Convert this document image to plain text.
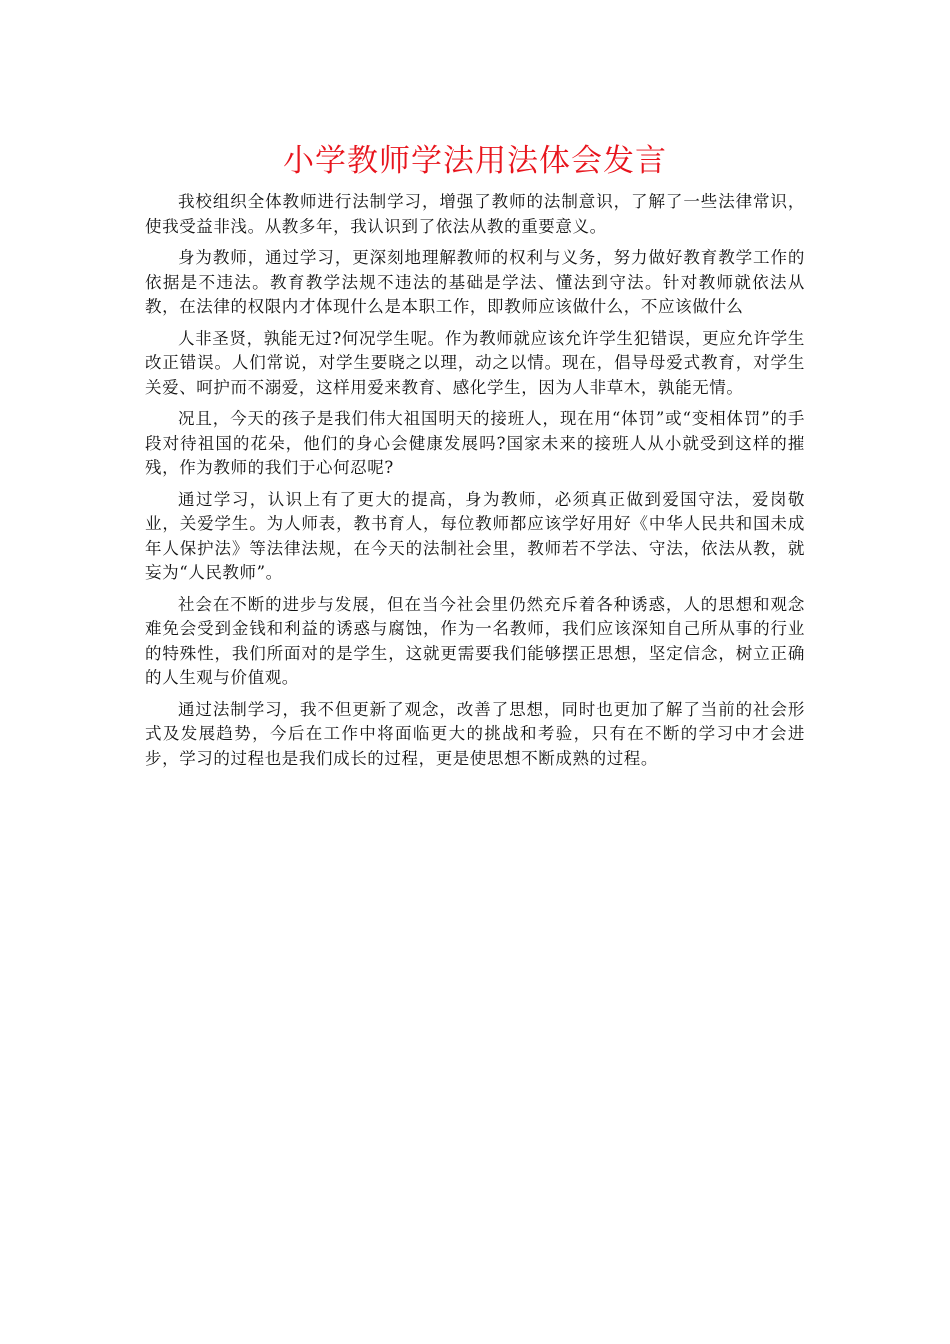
小学教师学法用法体会发言

我校组织全体教师进行法制学习，增强了教师的法制意识，了解了一些法律常识，使我受益非浅。从教多年，我认识到了依法从教的重要意义。

身为教师，通过学习，更深刻地理解教师的权利与义务，努力做好教育教学工作的依据是不违法。教育教学法规不违法的基础是学法、懂法到守法。针对教师就依法从教，在法律的权限内才体现什么是本职工作，即教师应该做什么，不应该做什么

人非圣贤，孰能无过?何况学生呢。作为教师就应该允许学生犯错误，更应允许学生改正错误。人们常说，对学生要晓之以理，动之以情。现在，倡导母爱式教育，对学生关爱、呵护而不溺爱，这样用爱来教育、感化学生，因为人非草木，孰能无情。

况且，今天的孩子是我们伟大祖国明天的接班人，现在用“体罚”或“变相体罚”的手段对待祖国的花朵，他们的身心会健康发展吗?国家未来的接班人从小就受到这样的摧残，作为教师的我们于心何忍呢?

通过学习，认识上有了更大的提高，身为教师，必须真正做到爱国守法，爱岗敬业，关爱学生。为人师表，教书育人，每位教师都应该学好用好《中华人民共和国未成年人保护法》等法律法规，在今天的法制社会里，教师若不学法、守法，依法从教，就妄为“人民教师”。

社会在不断的进步与发展，但在当今社会里仍然充斥着各种诱惑，人的思想和观念难免会受到金钱和利益的诱惑与腐蚀，作为一名教师，我们应该深知自己所从事的行业的特殊性，我们所面对的是学生，这就更需要我们能够摆正思想，坚定信念，树立正确的人生观与价值观。

通过法制学习，我不但更新了观念，改善了思想，同时也更加了解了当前的社会形式及发展趋势，今后在工作中将面临更大的挑战和考验，只有在不断的学习中才会进步，学习的过程也是我们成长的过程，更是使思想不断成熟的过程。
